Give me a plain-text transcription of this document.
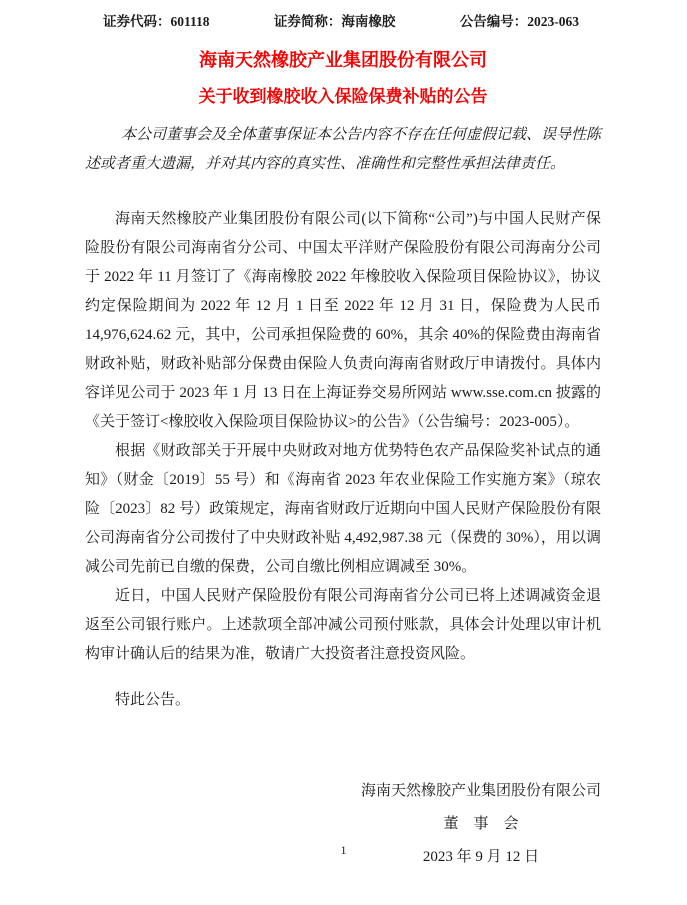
证券代码：601118	证券简称：海南橡胶	公告编号：2023-063
海南天然橡胶产业集团股份有限公司
关于收到橡胶收入保险保费补贴的公告

本公司董事会及全体董事保证本公告内容不存在任何虚假记载、误导性陈述或者重大遗漏，并对其内容的真实性、准确性和完整性承担法律责任。

海南天然橡胶产业集团股份有限公司(以下简称“公司”)与中国人民财产保险股份有限公司海南省分公司、中国太平洋财产保险股份有限公司海南分公司于 2022 年 11 月签订了《海南橡胶 2022 年橡胶收入保险项目保险协议》，协议约定保险期间为 2022 年 12 月 1 日至 2022 年 12 月 31 日，保险费为人民币 14,976,624.62 元，其中，公司承担保险费的 60%，其余 40%的保险费由海南省财政补贴，财政补贴部分保费由保险人负责向海南省财政厅申请拨付。具体内容详见公司于 2023 年 1 月 13 日在上海证券交易所网站 www.sse.com.cn 披露的《关于签订<橡胶收入保险项目保险协议>的公告》（公告编号：2023-005）。

根据《财政部关于开展中央财政对地方优势特色农产品保险奖补试点的通知》（财金〔2019〕55 号）和《海南省 2023 年农业保险工作实施方案》（琼农险〔2023〕82 号）政策规定，海南省财政厅近期向中国人民财产保险股份有限公司海南省分公司拨付了中央财政补贴 4,492,987.38 元（保费的 30%），用以调减公司先前已自缴的保费，公司自缴比例相应调减至 30%。

近日，中国人民财产保险股份有限公司海南省分公司已将上述调减资金退返至公司银行账户。上述款项全部冲减公司预付账款，具体会计处理以审计机构审计确认后的结果为准，敬请广大投资者注意投资风险。

特此公告。

海南天然橡胶产业集团股份有限公司
董　事　会
2023 年 9 月 12 日
1
